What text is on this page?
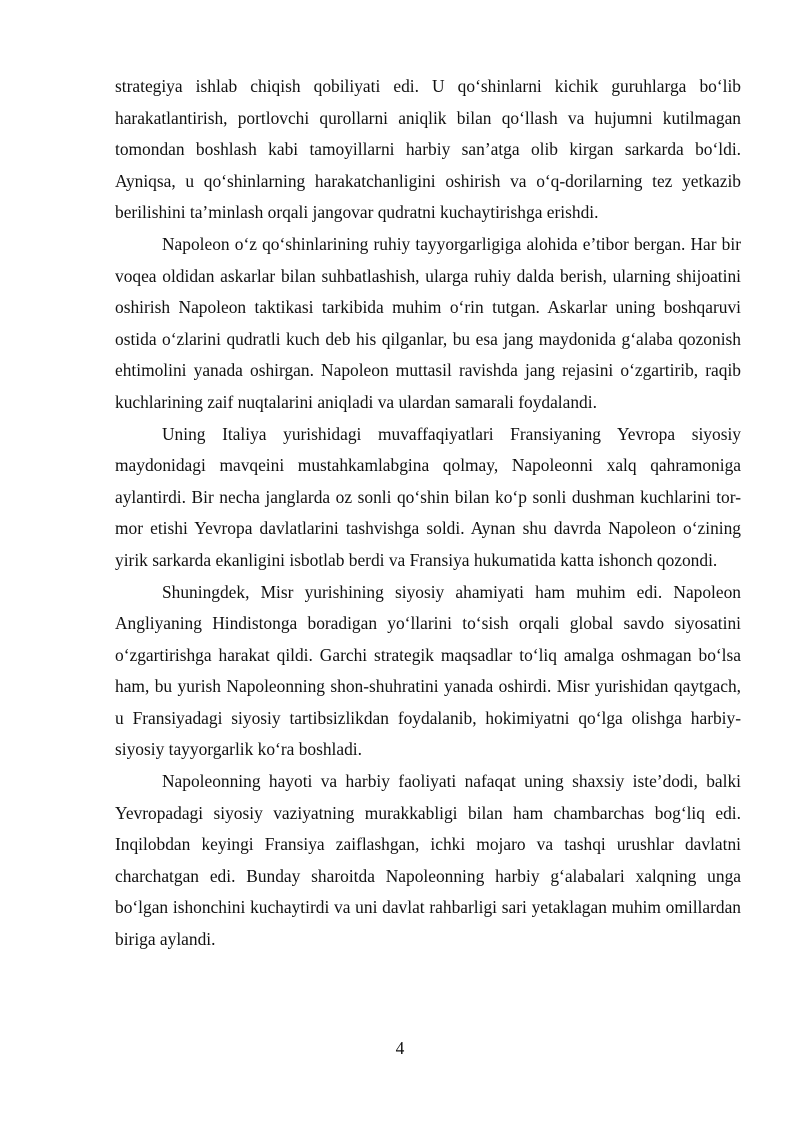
strategiya ishlab chiqish qobiliyati edi. U qo‘shinlarni kichik guruhlarga bo‘lib harakatlantirish, portlovchi qurollarni aniqlik bilan qo‘llash va hujumni kutilmagan tomondan boshlash kabi tamoyillarni harbiy san’atga olib kirgan sarkarda bo‘ldi. Ayniqsa, u qo‘shinlarning harakatchanligini oshirish va o‘q-dorilarning tez yetkazib berilishini ta’minlash orqali jangovar qudratni kuchaytirishga erishdi.

Napoleon o‘z qo‘shinlarining ruhiy tayyorgarligiga alohida e’tibor bergan. Har bir voqea oldidan askarlar bilan suhbatlashish, ularga ruhiy dalda berish, ularning shijoatini oshirish Napoleon taktikasi tarkibida muhim o‘rin tutgan. Askarlar uning boshqaruvi ostida o‘zlarini qudratli kuch deb his qilganlar, bu esa jang maydonida g‘alaba qozonish ehtimolini yanada oshirgan. Napoleon muttasil ravishda jang rejasini o‘zgartirib, raqib kuchlarining zaif nuqtalarini aniqladi va ulardan samarali foydalandi.

Uning Italiya yurishidagi muvaffaqiyatlari Fransiyaning Yevropa siyosiy maydonidagi mavqeini mustahkamlabgina qolmay, Napoleonni xalq qahramoniga aylantirdi. Bir necha janglarda oz sonli qo‘shin bilan ko‘p sonli dushman kuchlarini tor-mor etishi Yevropa davlatlarini tashvishga soldi. Aynan shu davrda Napoleon o‘zining yirik sarkarda ekanligini isbotlab berdi va Fransiya hukumatida katta ishonch qozondi.

Shuningdek, Misr yurishining siyosiy ahamiyati ham muhim edi. Napoleon Angliyaning Hindistonga boradigan yo‘llarini to‘sish orqali global savdo siyosatini o‘zgartirishga harakat qildi. Garchi strategik maqsadlar to‘liq amalga oshmagan bo‘lsa ham, bu yurish Napoleonning shon-shuhratini yanada oshirdi. Misr yurishidan qaytgach, u Fransiyadagi siyosiy tartibsizlikdan foydalanib, hokimiyatni qo‘lga olishga harbiy-siyosiy tayyorgarlik ko‘ra boshladi.

Napoleonning hayoti va harbiy faoliyati nafaqat uning shaxsiy iste’dodi, balki Yevropadagi siyosiy vaziyatning murakkabligi bilan ham chambarchas bog‘liq edi. Inqilobdan keyingi Fransiya zaiflashgan, ichki mojaro va tashqi urushlar davlatni charchatgan edi. Bunday sharoitda Napoleonning harbiy g‘alabalari xalqning unga bo‘lgan ishonchini kuchaytirdi va uni davlat rahbarligi sari yetaklagan muhim omillardan biriga aylandi.

4
